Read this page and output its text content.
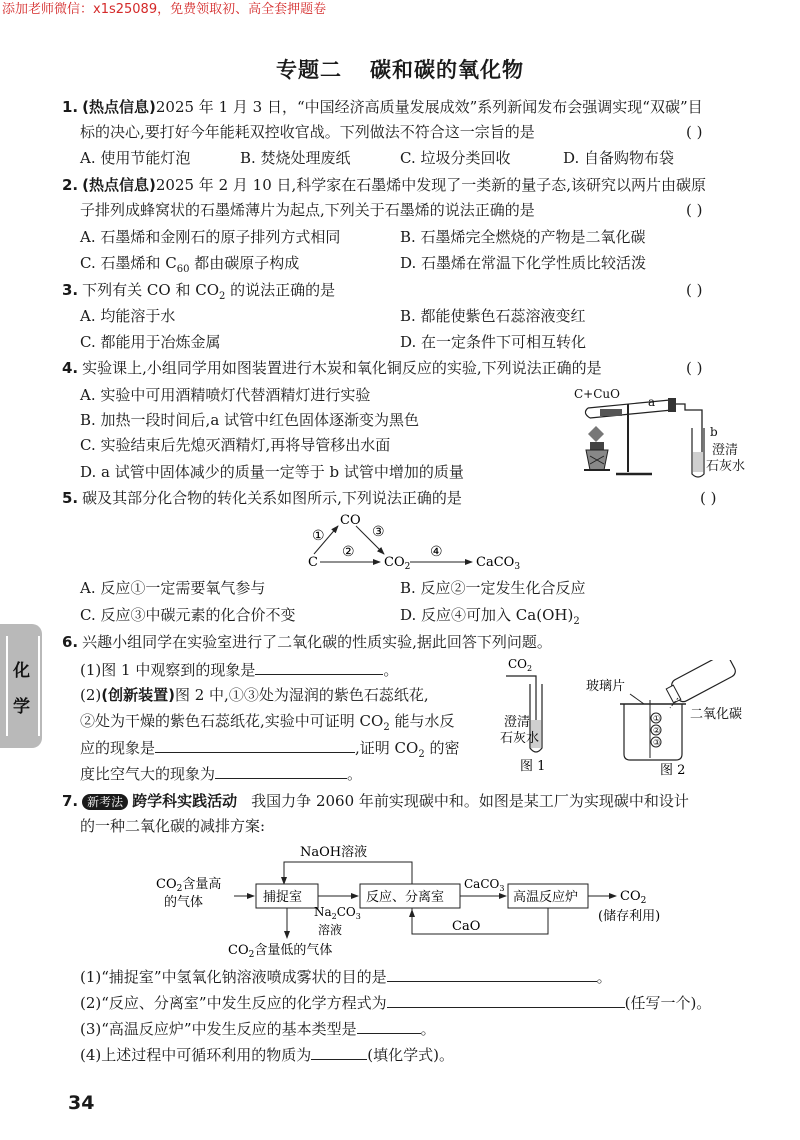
添加老师微信：x1s25089，免费领取初、高全套押题卷
专题二 碳和碳的氧化物
1. (热点信息)2025 年 1 月 3 日，“中国经济高质量发展成效”系列新闻发布会强调实现“双碳”目
标的决心,要打好今年能耗双控收官战。下列做法不符合这一宗旨的是	( )
A. 使用节能灯泡	B. 焚烧处理废纸	C. 垃圾分类回收	D. 自备购物布袋
2. (热点信息)2025 年 2 月 10 日,科学家在石墨烯中发现了一类新的量子态,该研究以两片由碳原
子排列成蜂窝状的石墨烯薄片为起点,下列关于石墨烯的说法正确的是	( )
A. 石墨烯和金刚石的原子排列方式相同	B. 石墨烯完全燃烧的产物是二氧化碳
C. 石墨烯和 $C_{60}$ 都由碳原子构成	D. 石墨烯在常温下化学性质比较活泼
3. 下列有关 CO 和 $CO_2$ 的说法正确的是	( )
A. 均能溶于水	B. 都能使紫色石蕊溶液变红
C. 都能用于冶炼金属	D. 在一定条件下可相互转化
4. 实验课上,小组同学用如图装置进行木炭和氧化铜反应的实验,下列说法正确的是	( )
A. 实验中可用酒精喷灯代替酒精灯进行实验
B. 加热一段时间后,a 试管中红色固体逐渐变为黑色
C. 实验结束后先熄灭酒精灯,再将导管移出水面
D. a 试管中固体减少的质量一定等于 b 试管中增加的质量
C+CuO
a
b
澄清
石灰水
5. 碳及其部分化合物的转化关系如图所示,下列说法正确的是	( )
CO
C	$CO_2$	CaCO$_3$
①	③
②	④
A. 反应①一定需要氧气参与	B. 反应②一定发生化合反应
C. 反应③中碳元素的化合价不变	D. 反应④可加入 $Ca(OH)_2$
6. 兴趣小组同学在实验室进行了二氧化碳的性质实验,据此回答下列问题。
(1)图 1 中观察到的现象是	。
(2)(创新装置)图 2 中,①③处为湿润的紫色石蕊纸花,
②处为干燥的紫色石蕊纸花,实验中可证明 $CO_2$ 能与水反
应的现象是	,证明 $CO_2$ 的密
度比空气大的现象为	。
$CO_2$
澄清
石灰水
图 1
玻璃片
①
②
③
二氧化碳
图 2
7. 新考法 跨学科实践活动 我国力争 2060 年前实现碳中和。如图是某工厂为实现碳中和设计
的一种二氧化碳的减排方案:
NaOH溶液
$CO_2$含量高
的气体	捕捉室
$Na_2CO_3$
溶液
$CO_2$含量低的气体
反应、分离室
CaCO$_3$
高温反应炉	$CO_2$
(储存利用)
CaO
(1)“捕捉室”中氢氧化钠溶液喷成雾状的目的是	。
(2)“反应、分离室”中发生反应的化学方程式为	(任写一个)。
(3)“高温反应炉”中发生反应的基本类型是	。
(4)上述过程中可循环利用的物质为	(填化学式)。
化
学
34
